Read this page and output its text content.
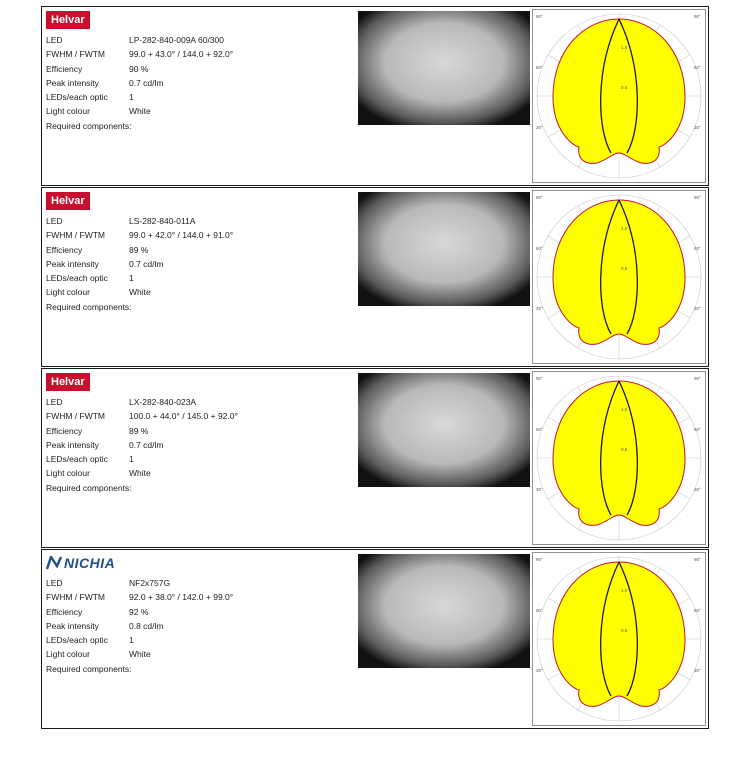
Helvar
LED	LP-282-840-009A 60/300
FWHM / FWTM	99.0 + 43.0° / 144.0 + 92.0°
Efficiency	90 %
Peak intensity	0.7 cd/lm
LEDs/each optic	1
Light colour	White
Required components:
90°
60°
30°
90°
60°
30°
1.0
0.5
Helvar
LED	LS-282-840-011A
FWHM / FWTM	99.0 + 42.0° / 144.0 + 91.0°
Efficiency	89 %
Peak intensity	0.7 cd/lm
LEDs/each optic	1
Light colour	White
Required components:
90°
60°
30°
90°
60°
30°
1.0
0.5
Helvar
LED	LX-282-840-023A
FWHM / FWTM	100.0 + 44.0° / 145.0 + 92.0°
Efficiency	89 %
Peak intensity	0.7 cd/lm
LEDs/each optic	1
Light colour	White
Required components:
90°
60°
30°
90°
60°
30°
1.0
0.5
NICHIA
LED	NF2x757G
FWHM / FWTM	92.0 + 38.0° / 142.0 + 99.0°
Efficiency	92 %
Peak intensity	0.8 cd/lm
LEDs/each optic	1
Light colour	White
Required components:
90°
60°
30°
90°
60°
30°
1.0
0.5
